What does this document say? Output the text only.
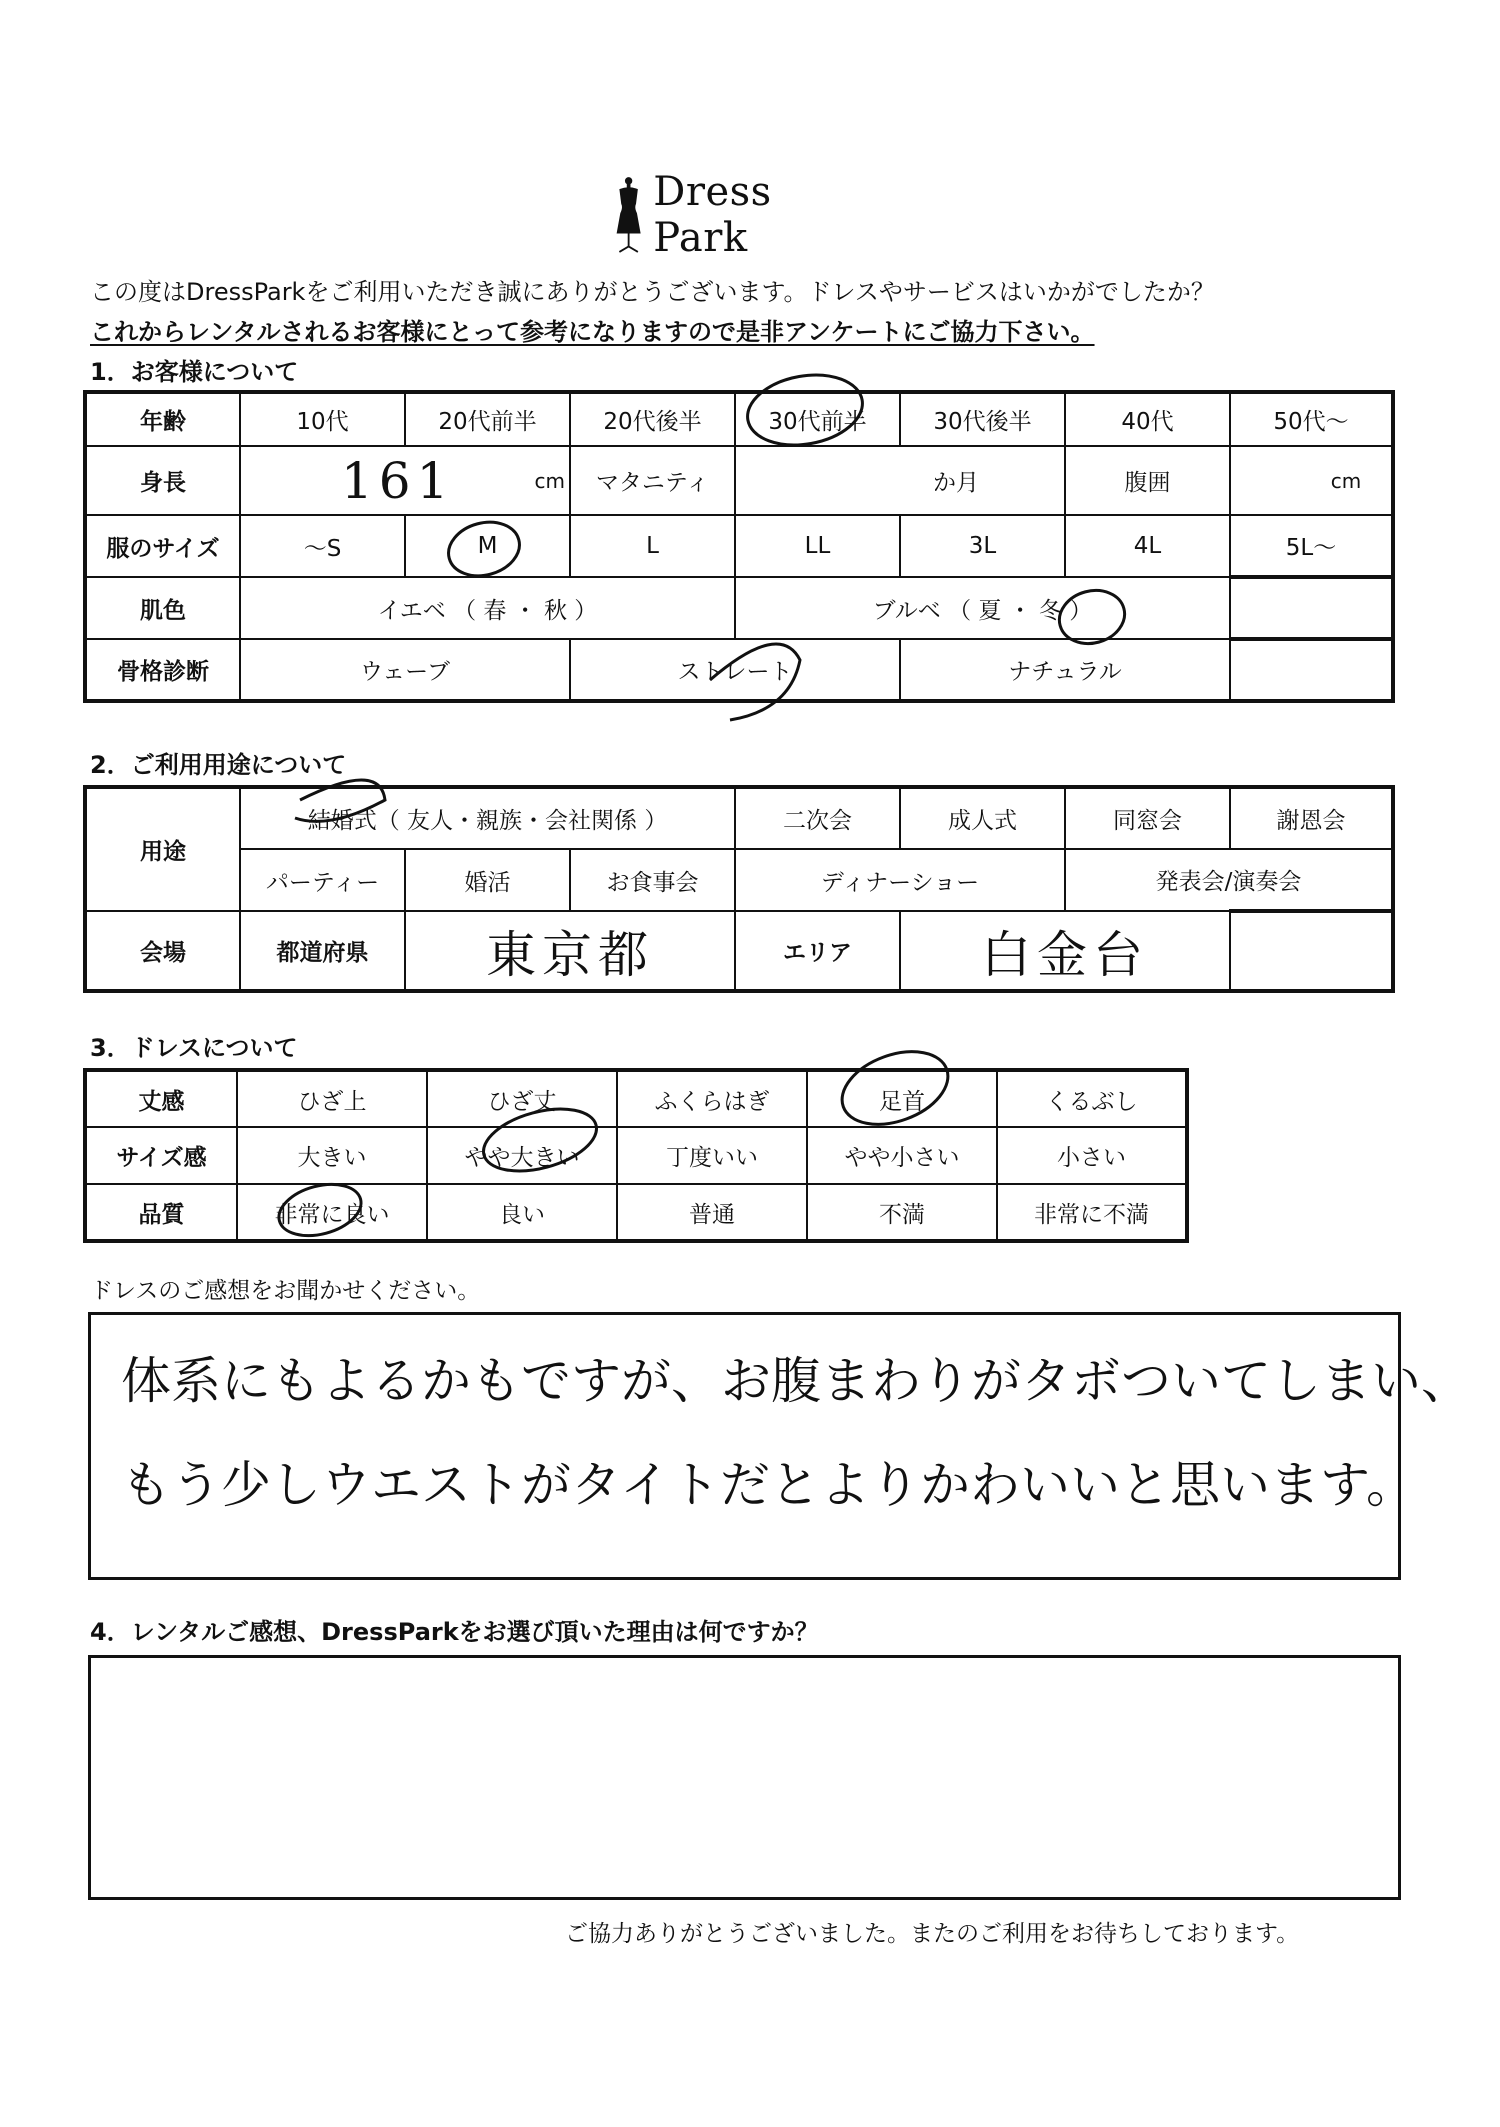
Dress Park
この度はDressParkをご利用いただき誠にありがとうございます。ドレスやサービスはいかがでしたか？
これからレンタルされるお客様にとって参考になりますので是非アンケートにご協力下さい。
1．お客様について
年齢	10代	20代前半	20代後半	30代前半	30代後半	40代	50代～
身長	161 cm		マタニティ	か月		腹囲	cm
服のサイズ	～S	M	L	LL	3L	4L	5L～
肌色	イエベ （ 春 ・ 秋 ）			ブルベ （ 夏 ・ 冬 ）			
骨格診断	ウェーブ		ストレート		ナチュラル		
2．ご利用用途について
用途	結婚式（ 友人・親族・会社関係 ）			二次会	成人式	同窓会	謝恩会
	パーティー	婚活	お食事会	ディナーショー		発表会/演奏会	
会場	都道府県	東京都		エリア	白金台		
3．ドレスについて
丈感	ひざ上	ひざ丈	ふくらはぎ	足首	くるぶし
サイズ感	大きい	やや大きい	丁度いい	やや小さい	小さい
品質	非常に良い	良い	普通	不満	非常に不満
ドレスのご感想をお聞かせください。
体系にもよるかもですが、お腹まわりがタボついてしまい、
もう少しウエストがタイトだとよりかわいいと思います。
4．レンタルご感想、DressParkをお選び頂いた理由は何ですか？
ご協力ありがとうございました。またのご利用をお待ちしております。
